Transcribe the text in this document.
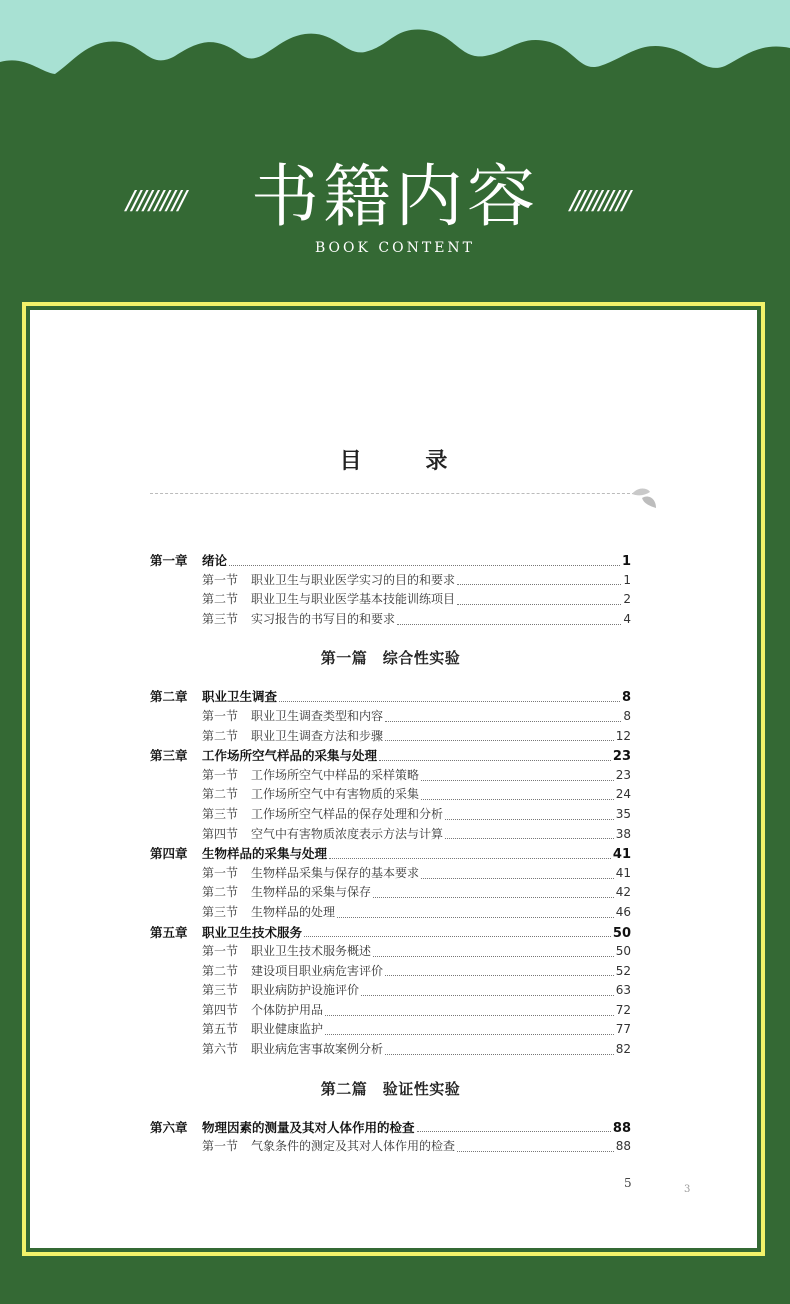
////////// 书籍内容	//////////
BOOK CONTENT
目 录
第一章	绪论	1
第一节	职业卫生与职业医学实习的目的和要求	1
第二节	职业卫生与职业医学基本技能训练项目	2
第三节	实习报告的书写目的和要求	4
第一篇　综合性实验
第二章	职业卫生调查	8
第一节	职业卫生调查类型和内容	8
第二节	职业卫生调查方法和步骤	12
第三章	工作场所空气样品的采集与处理	23
第一节	工作场所空气中样品的采样策略	23
第二节	工作场所空气中有害物质的采集	24
第三节	工作场所空气样品的保存处理和分析	35
第四节	空气中有害物质浓度表示方法与计算	38
第四章	生物样品的采集与处理	41
第一节	生物样品采集与保存的基本要求	41
第二节	生物样品的采集与保存	42
第三节	生物样品的处理	46
第五章	职业卫生技术服务	50
第一节	职业卫生技术服务概述	50
第二节	建设项目职业病危害评价	52
第三节	职业病防护设施评价	63
第四节	个体防护用品	72
第五节	职业健康监护	77
第六节	职业病危害事故案例分析	82
第二篇　验证性实验
第六章	物理因素的测量及其对人体作用的检查	88
第一节	气象条件的测定及其对人体作用的检查	88
5	3
